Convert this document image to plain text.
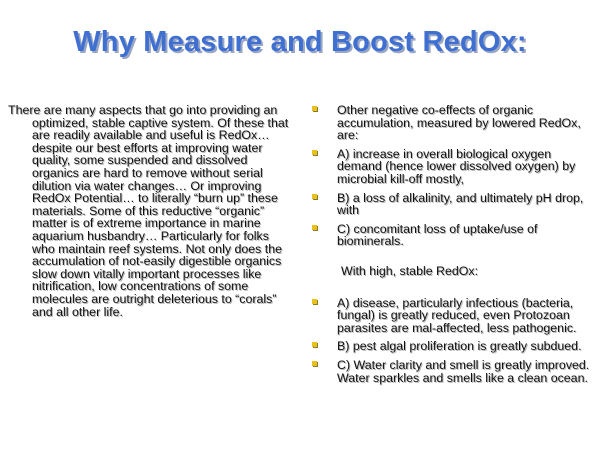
Why Measure and Boost RedOx:

There are many aspects that go into providing an optimized, stable captive system. Of these that are readily available and useful is RedOx… despite our best efforts at improving water quality, some suspended and dissolved organics are hard to remove without serial dilution via water changes… Or improving RedOx Potential… to literally “burn up” these materials. Some of this reductive “organic” matter is of extreme importance in marine aquarium husbandry… Particularly for folks who maintain reef systems. Not only does the accumulation of not-easily digestible organics slow down vitally important processes like nitrification, low concentrations of some molecules are outright deleterious to “corals” and all other life.

Other negative co-effects of organic accumulation, measured by lowered RedOx, are:
A) increase in overall biological oxygen demand (hence lower dissolved oxygen) by microbial kill-off mostly,
B) a loss of alkalinity, and ultimately pH drop, with
C) concomitant loss of uptake/use of biominerals.
With high, stable RedOx:
A) disease, particularly infectious (bacteria, fungal) is greatly reduced, even Protozoan parasites are mal-affected, less pathogenic.
B) pest algal proliferation is greatly subdued.
C) Water clarity and smell is greatly improved. Water sparkles and smells like a clean ocean.
